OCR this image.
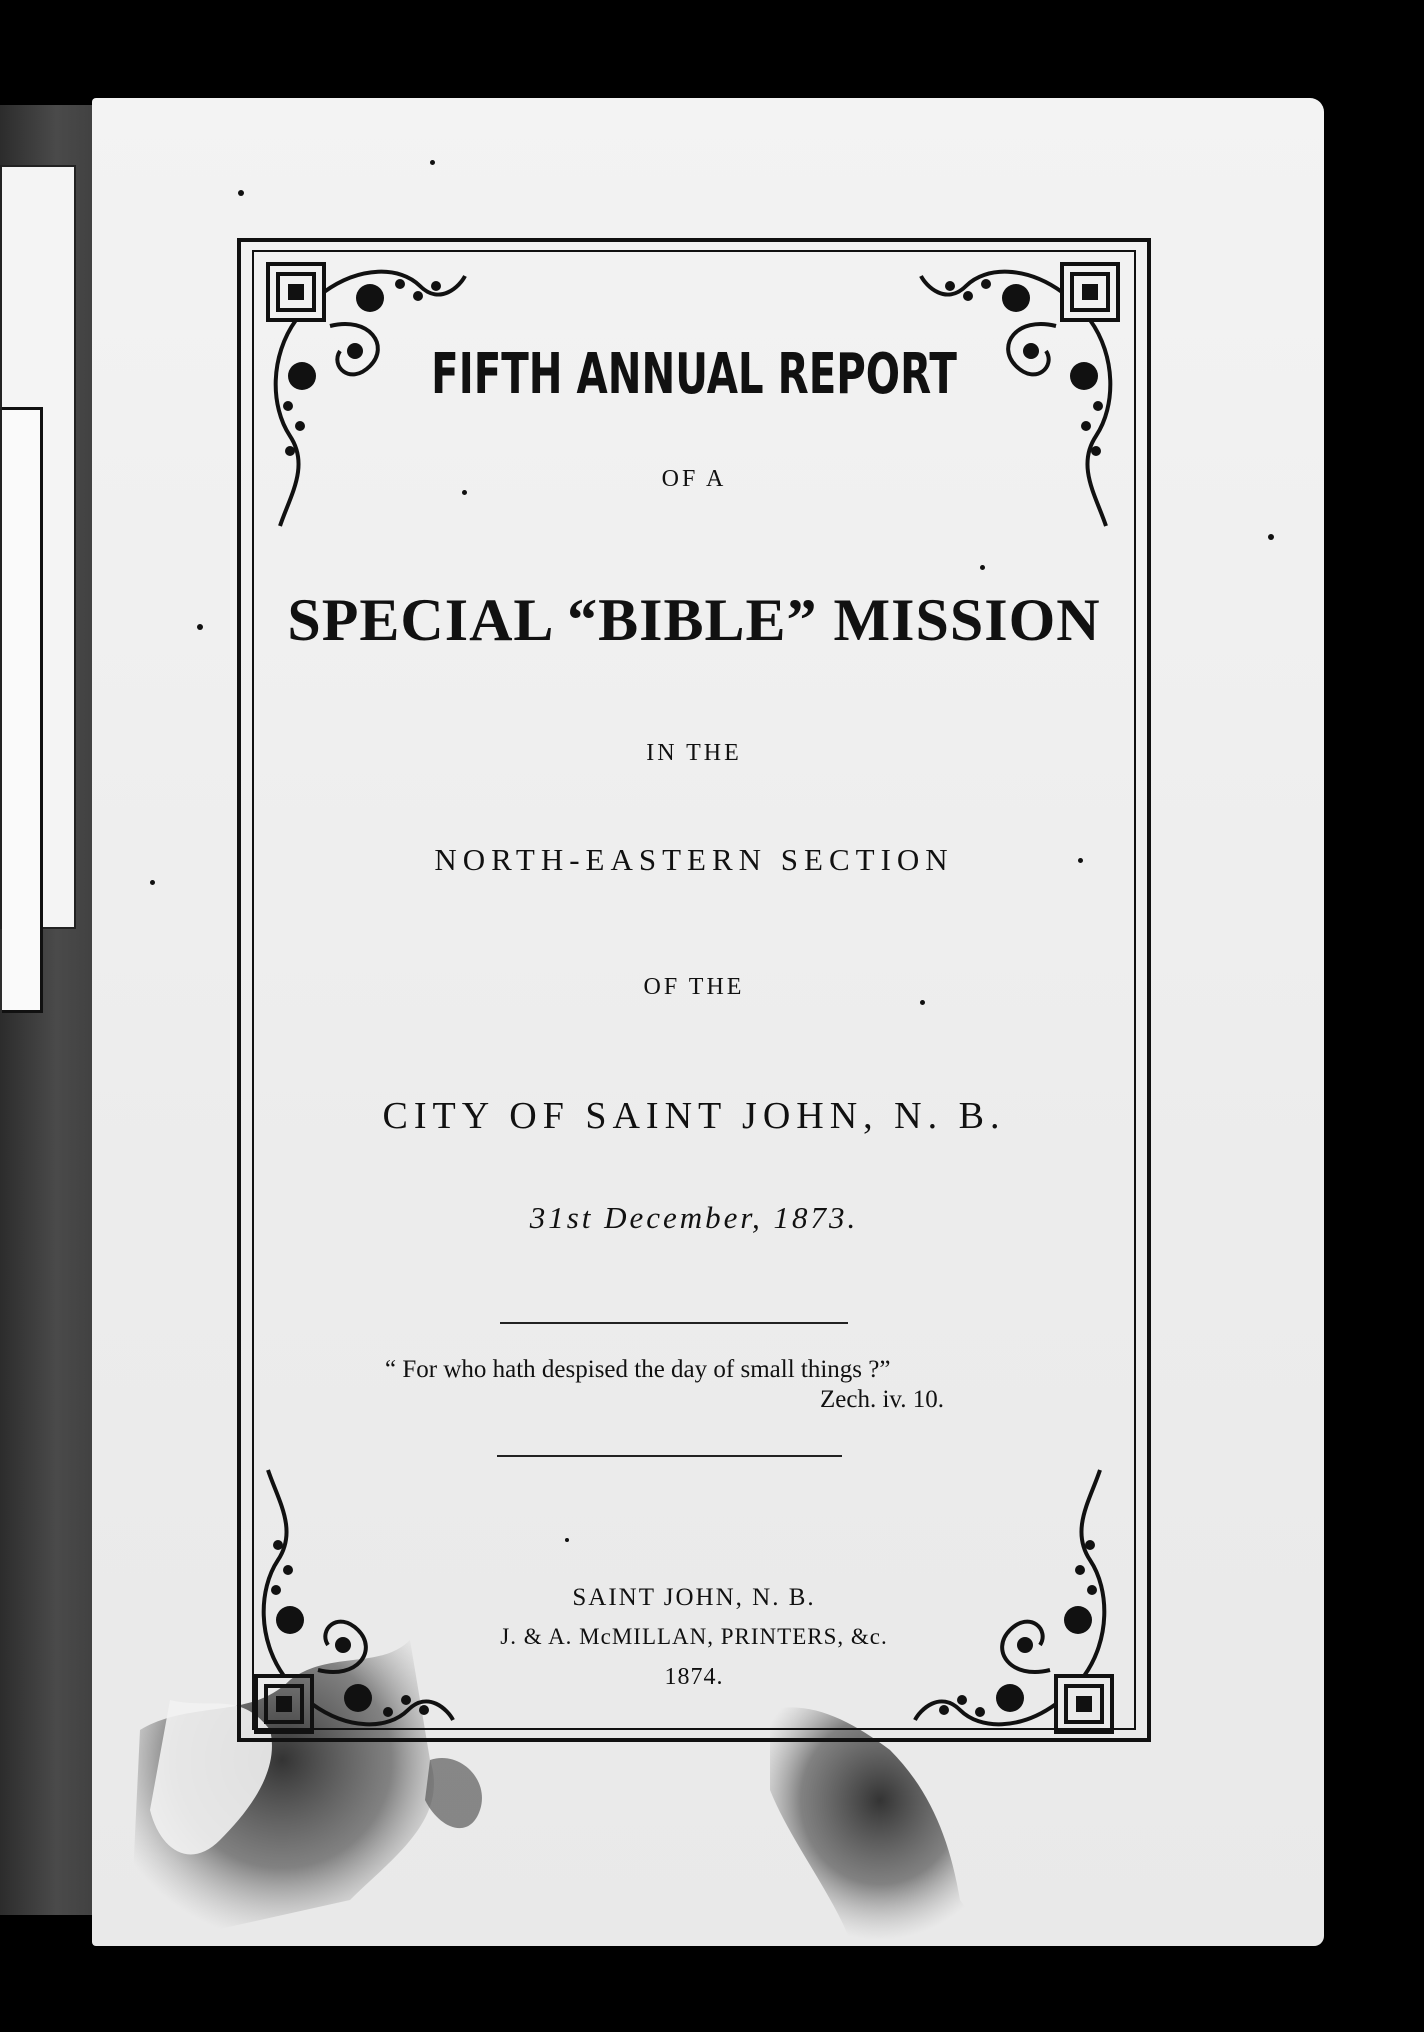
FIFTH ANNUAL REPORT
OF A
SPECIAL “BIBLE” MISSION
IN THE
NORTH-EASTERN SECTION
OF THE
CITY OF SAINT JOHN, N. B.
31st December, 1873.
“ For who hath despised the day of small things ?”
Zech. iv. 10.
SAINT JOHN, N. B.
J. & A. McMILLAN, PRINTERS, &c.
1874.
